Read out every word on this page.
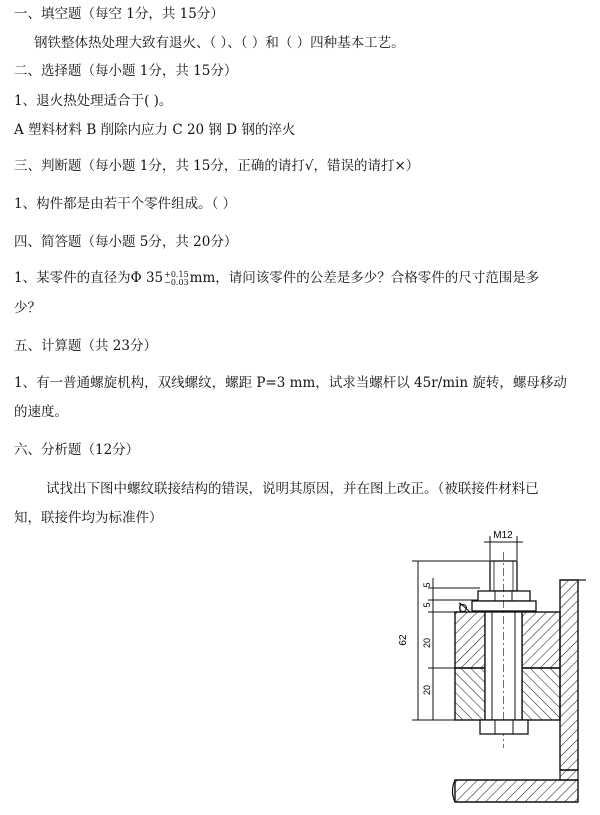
一、填空题（每空 1分，共 15分）
钢铁整体热处理大致有退火、（ ）、（ ）和（ ）四种基本工艺。
二、选择题（每小题 1分，共 15分）
1、退火热处理适合于( )。
A 塑料材料 B 削除内应力 C 20 钢 D 钢的淬火
三、判断题（每小题 1分，共 15分，正确的请打√，错误的请打×）
1、构件都是由若干个零件组成。（ ）
四、简答题（每小题 5分，共 20分）
1、某零件的直径为Φ 35 +0.15
−0.03 mm，请问该零件的公差是多少？合格零件的尺寸范围是多
少？
五、计算题（共 23分）
1、有一普通螺旋机构，双线螺纹，螺距 P=3 mm，试求当螺杆以 45r/min 旋转，螺母移动
的速度。
六、分析题（12分）
试找出下图中螺纹联接结构的错误，说明其原因，并在图上改正。（被联接件材料已
知，联接件均为标准件）
M12
62
5
5
20
20
